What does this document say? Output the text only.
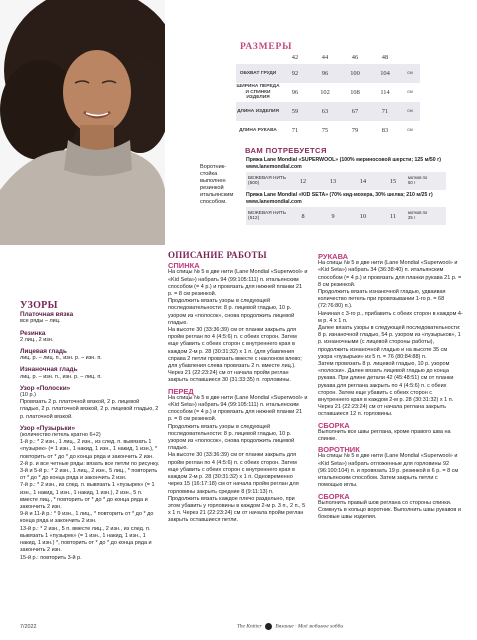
Воротник-
стойка
выполнен
резинкой
итальянским
способом.
РАЗМЕРЫ
	42	44	46	48	
ОБХВАТ ГРУДИ	92	96	100	104	см
ШИРИНА ПЕРЕДА И СПИНКИ ИЗДЕЛИЯ	96	102	108	114	см
ДЛИНА ИЗДЕЛИЯ	59	63	67	71	см
ДЛИНА РУКАВА	71	75	79	83	см
ВАМ ПОТРЕБУЕТСЯ
Пряжа Lane Mondial «SUPERWOOL» (100% мериносовой шерсти; 125 м/50 г)
www.lanemondial.com
БЕЖЕВАЯ НИТЬ (500)	12	13	14	15	мотков по 50 г
Пряжа Lane Mondial «KID SETA» (70% кид-мохера, 30% шелка; 210 м/25 г)
www.lanemondial.com
БЕЖЕВАЯ НИТЬ (512)	8	9	10	11	мотков по 25 г

УЗОРЫ

Платочная вязка

все ряды – лиц.

Резинка

2 лиц., 2 изн.

Лицевая гладь

лиц. р. – лиц. п., изн. р. – изн. п.

Изнаночная гладь

лиц. р. – изн. п., изн. р. – лиц. п.

Узор «Полоски»

(10 р.)
Провязать 2 р. платочной вязкой, 2 р. лицевой гладью, 2 р. платочной вязкой, 2 р. лицевой гладью, 2 р. платочной вязкой.

Узор «Пузырьки»

(количество петель кратно 6+2)
1-й р.: * 2 изн., 1 лиц., 2 изн., из след. п. вывязать 1 «пузырек» (= 1 изн., 1 накид, 1 изн., 1 накид, 1 изн.), * повторить от * до * до конца ряда и закончить 2 изн.
2-й р. и все четные ряды: вязать все петли по рисунку.
3-й и 5-й р.: * 2 изн., 1 лиц., 2 изн., 5 лиц., * повторить от * до * до конца ряда и закончить 2 изн.
7-й р.: * 2 изн., из след. п. вывязать 1 «пузырек» (= 1 изн., 1 накид, 1 изн., 1 накид, 1 изн.), 2 изн., 5 п. вместе лиц., * повторить от * до * до конца ряда и закончить 2 изн.
9-й и 11-й р.: * 9 изн., 1 лиц., * повторить от * до * до конца ряда и закончить 2 изн.
13-й р.: * 2 изн., 5 п. вместе лиц., 2 изн., из след. п. вывязать 1 «пузырек» (= 1 изн., 1 накид, 1 изн., 1 накид, 1 изн.) *, повторить от * до * до конца ряда и закончить 2 изн.
15-й р.: повторить 3-й р.

ОПИСАНИЕ РАБОТЫ

СПИНКА

На спицы № 5 в две нити (Lane Mondial «Superwool» и «Kid Seta») набрать 94 (99:105:111) п. итальянским способом (= 4 р.) и провязать для нижней планки 21 р. = 8 см резинкой.
Продолжить вязать узоры в следующей последовательности: 8 р. лицевой гладью, 10 р. узором из «полосок», снова продолжить лицевой гладью.
На высоте 30 (33:36:39) см от планки закрыть для пройм реглан по 4 (4:5:6) п. с обеих сторон. Затем еще убавить с обеих сторон с внутреннего края в каждом 2-м р. 28 (30:31:32) x 1 п. (для убавления справа 2 петли провязать вместе с наклоном влево; для убавления слева провязать 2 п. вместе лиц.).
Через 21 (22:23:24) см от начала пройм реглан закрыть оставшиеся 30 (31:33:35) п. горловины.

ПЕРЕД

На спицы № 5 в две нити (Lane Mondial «Superwool» и «Kid Seta») набрать 94 (99:105:111) п. итальянским способом (= 4 р.) и провязать для нижней планки 21 р. = 8 см резинкой.
Продолжить вязать узоры в следующей последовательности: 8 р. лицевой гладью, 10 р. узором из «полосок», снова продолжить лицевой гладью.
На высоте 30 (33:36:39) см от планки закрыть для пройм реглан по 4 (4:5:6) п. с обеих сторон. Затем еще убавить с обеих сторон с внутреннего края в каждом 2-м р. 28 (30:31:32) x 1 п. Одновременно через 15 (16:17:18) см от начала пройм реглан для горловины закрыть средние 8 (9:11:13) п.
Продолжить вязать каждое плечо раздельно, при этом убавить у горловины в каждом 2-м р. 3 п., 2 п., 5 x 1 п. Через 21 (22:23:24) см от начала пройм реглан закрыть оставшиеся петли.

РУКАВА

На спицы № 5 в две нити (Lane Mondial «Superwool» и «Kid Seta») набрать 34 (36:38:40) п. итальянским способом (= 4 р.) и провязать для планки рукава 21 р. = 8 см резинкой.
Продолжить вязать изнаночной гладью, удваивая количество петель при провязывании 1-го р. = 68 (72:76:80) п.).
Начиная с 3-го р., прибавить с обеих сторон в каждом 4-м р. 4 x 1 п.
Далее вязать узоры в следующей последовательности: 8 р. изнаночной гладью, 54 р. узором из «пузырьков», 1 р. изнаночными (с лицевой стороны работы), продолжить изнаночной гладью и на высоте 35 см узора «пузырьки» из 5 п. = 76 (80:84:88) п.
Затем провязать 8 р. лицевой гладью, 10 р. узором «полоски». Далее вязать лицевой гладью до конца рукава. При длине детали 42 (45:48:51) см от планки рукава для реглана закрыть по 4 (4:5:6) п. с обеих сторон. Затем еще убавить с обеих сторон с внутреннего края в каждом 2-м р. 28 (30:31:32) x 1 п.
Через 21 (22:23:24) см от начала реглана закрыть оставшиеся 12 п. горловины.

СБОРКА

Выполнить все швы реглана, кроме правого шва на спинке.

ВОРОТНИК

На спицы № 5 в две нити (Lane Mondial «Superwool» и «Kid Seta») набрать отложенные для горловины 92 (96:100:104) п. и провязать 19 р. резинкой в 6 р. = 8 см итальянским способом. Затем закрыть петли с помощью иглы.

СБОРКА

Выполнить правый шов реглана со стороны спинки. Сомкнуть в кольцо воротник. Выполнить швы рукавов и боковые швы изделия.

7/2022	The Knitter	Вязание · Моё любимое хобби
